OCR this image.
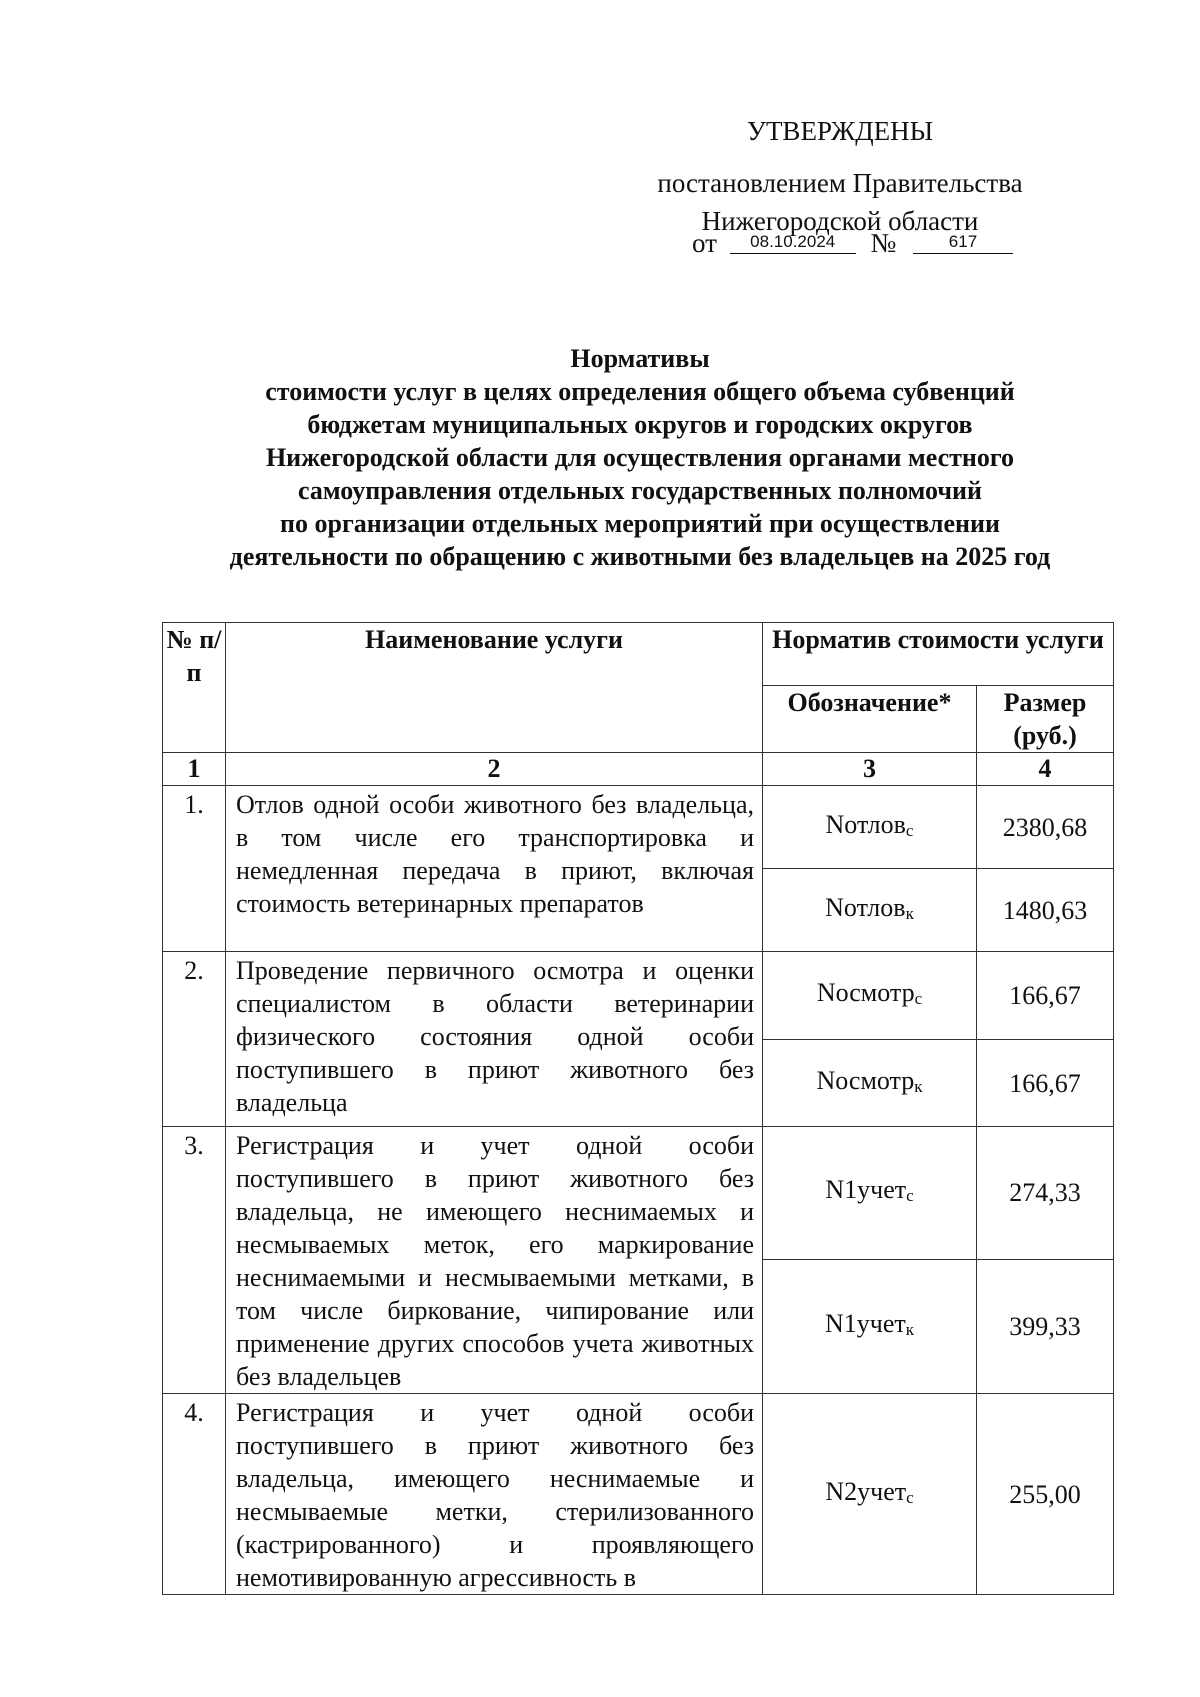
УТВЕРЖДЕНЫ
постановлением Правительства
Нижегородской области
от 08.10.2024 №	617
Нормативы
стоимости услуг в целях определения общего объема субвенций
бюджетам муниципальных округов и городских округов
Нижегородской области для осуществления органами местного
самоуправления отдельных государственных полномочий
по организации отдельных мероприятий при осуществлении
деятельности по обращению с животными без владельцев на 2025 год
№ п/п	Наименование услуги	Норматив стоимости услуги	
		Обозначение*	Размер (руб.)
1	2	3	4
1.	Отлов одной особи животного без владельца, в том числе его транспортировка и немедленная передача в приют, включая стоимость ветеринарных препаратов	Nотлов$_с$	2380,68
		Nотлов$_к$	1480,63
2.	Проведение первичного осмотра и оценки специалистом в области ветеринарии физического состояния одной особи поступившего в приют животного без владельца	Nосмотр$_с$	166,67
		Nосмотр$_к$	166,67
3.	Регистрация и учет одной особи поступившего в приют животного без владельца, не имеющего неснимаемых и несмываемых меток, его маркирование неснимаемыми и несмываемыми метками, в том числе биркование, чипирование или применение других способов учета животных без владельцев	N1учет$_с$	274,33
		N1учет$_к$	399,33
4.	Регистрация и учет одной особи поступившего в приют животного без владельца, имеющего неснимаемые и несмываемые метки, стерилизованного (кастрированного) и проявляющего немотивированную агрессивность в	N2учет$_с$	255,00
